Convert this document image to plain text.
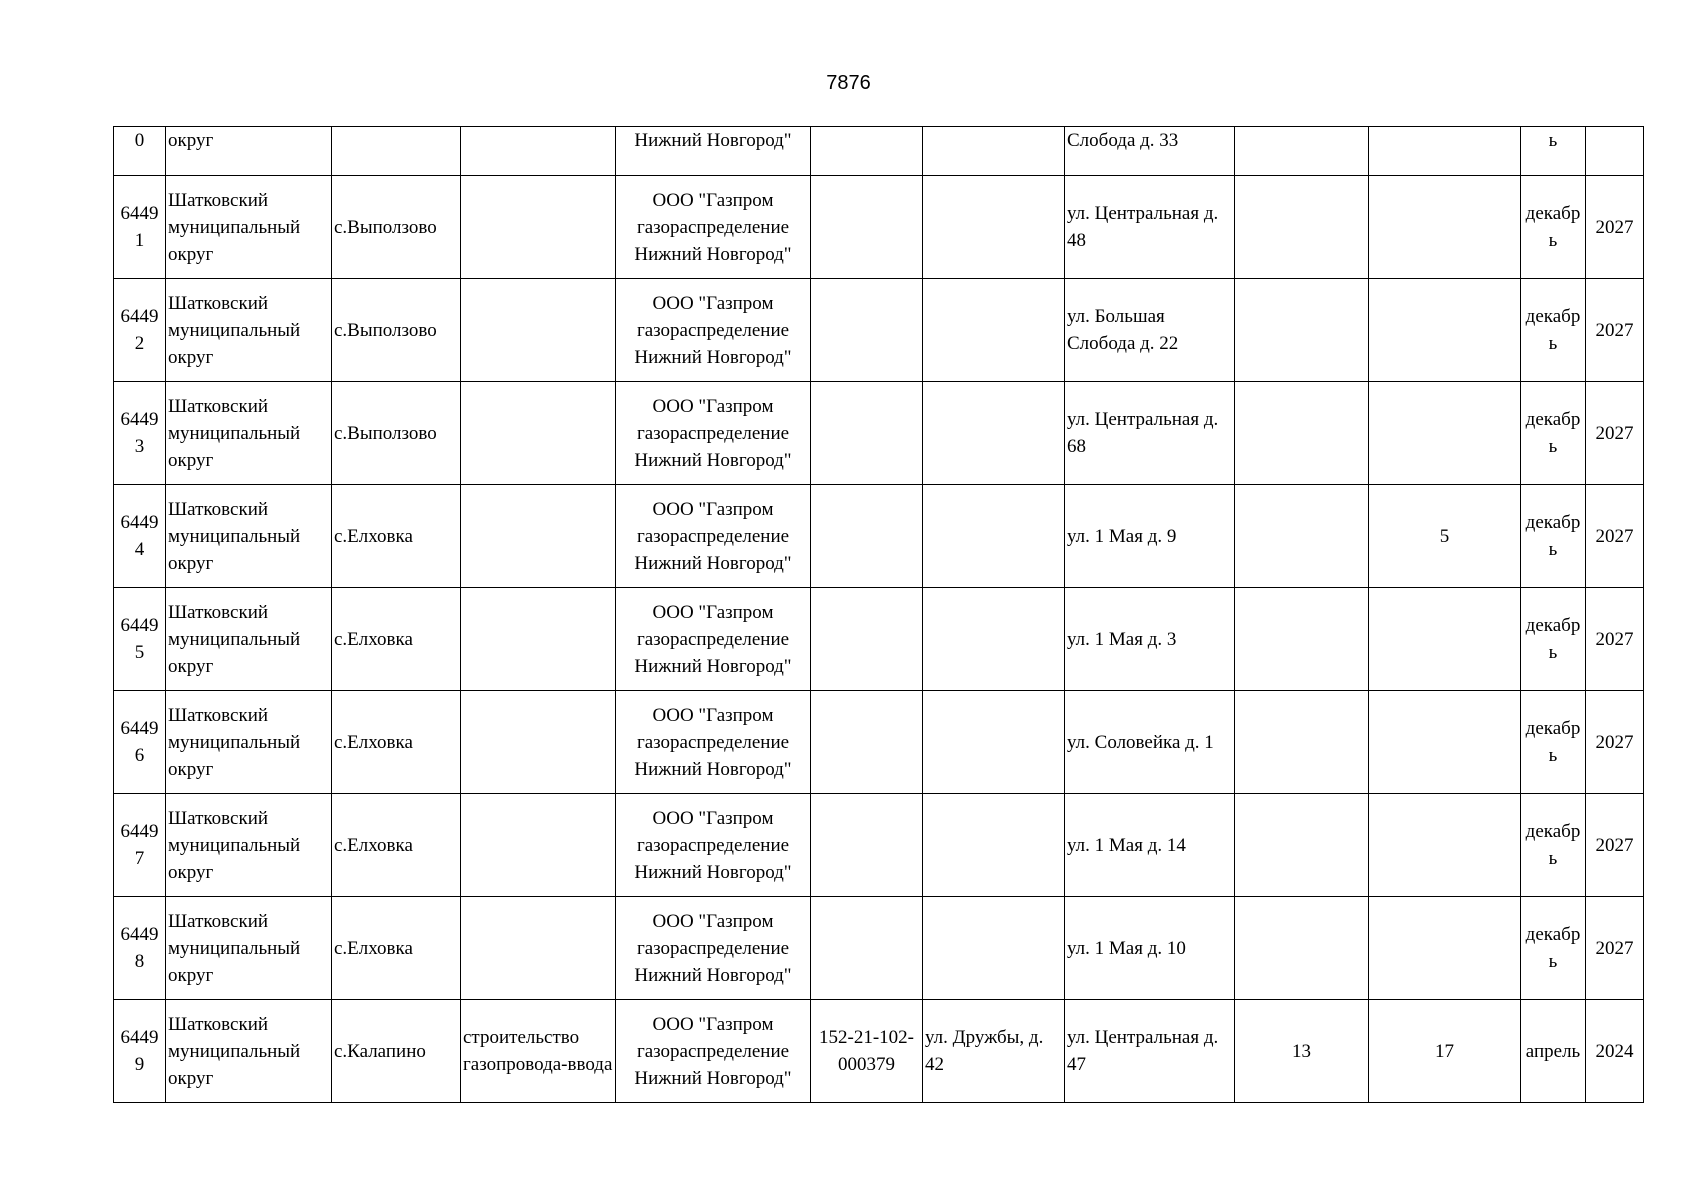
7876
0	округ			Нижний Новгород"			Слобода д. 33			ь	
64491	Шатковский муниципальный округ	с.Выползово		ООО "Газпром газораспределение Нижний Новгород"			ул. Центральная д. 48			декабрь	2027
64492	Шатковский муниципальный округ	с.Выползово		ООО "Газпром газораспределение Нижний Новгород"			ул. Большая Слобода д. 22			декабрь	2027
64493	Шатковский муниципальный округ	с.Выползово		ООО "Газпром газораспределение Нижний Новгород"			ул. Центральная д. 68			декабрь	2027
64494	Шатковский муниципальный округ	с.Елховка		ООО "Газпром газораспределение Нижний Новгород"			ул. 1 Мая д. 9		5	декабрь	2027
64495	Шатковский муниципальный округ	с.Елховка		ООО "Газпром газораспределение Нижний Новгород"			ул. 1 Мая д. 3			декабрь	2027
64496	Шатковский муниципальный округ	с.Елховка		ООО "Газпром газораспределение Нижний Новгород"			ул. Соловейка д. 1			декабрь	2027
64497	Шатковский муниципальный округ	с.Елховка		ООО "Газпром газораспределение Нижний Новгород"			ул. 1 Мая д. 14			декабрь	2027
64498	Шатковский муниципальный округ	с.Елховка		ООО "Газпром газораспределение Нижний Новгород"			ул. 1 Мая д. 10			декабрь	2027
64499	Шатковский муниципальный округ	с.Калапино	строительство газопровода-ввода	ООО "Газпром газораспределение Нижний Новгород"	152-21-102-000379	ул. Дружбы, д. 42	ул. Центральная д. 47	13	17	апрель	2024
